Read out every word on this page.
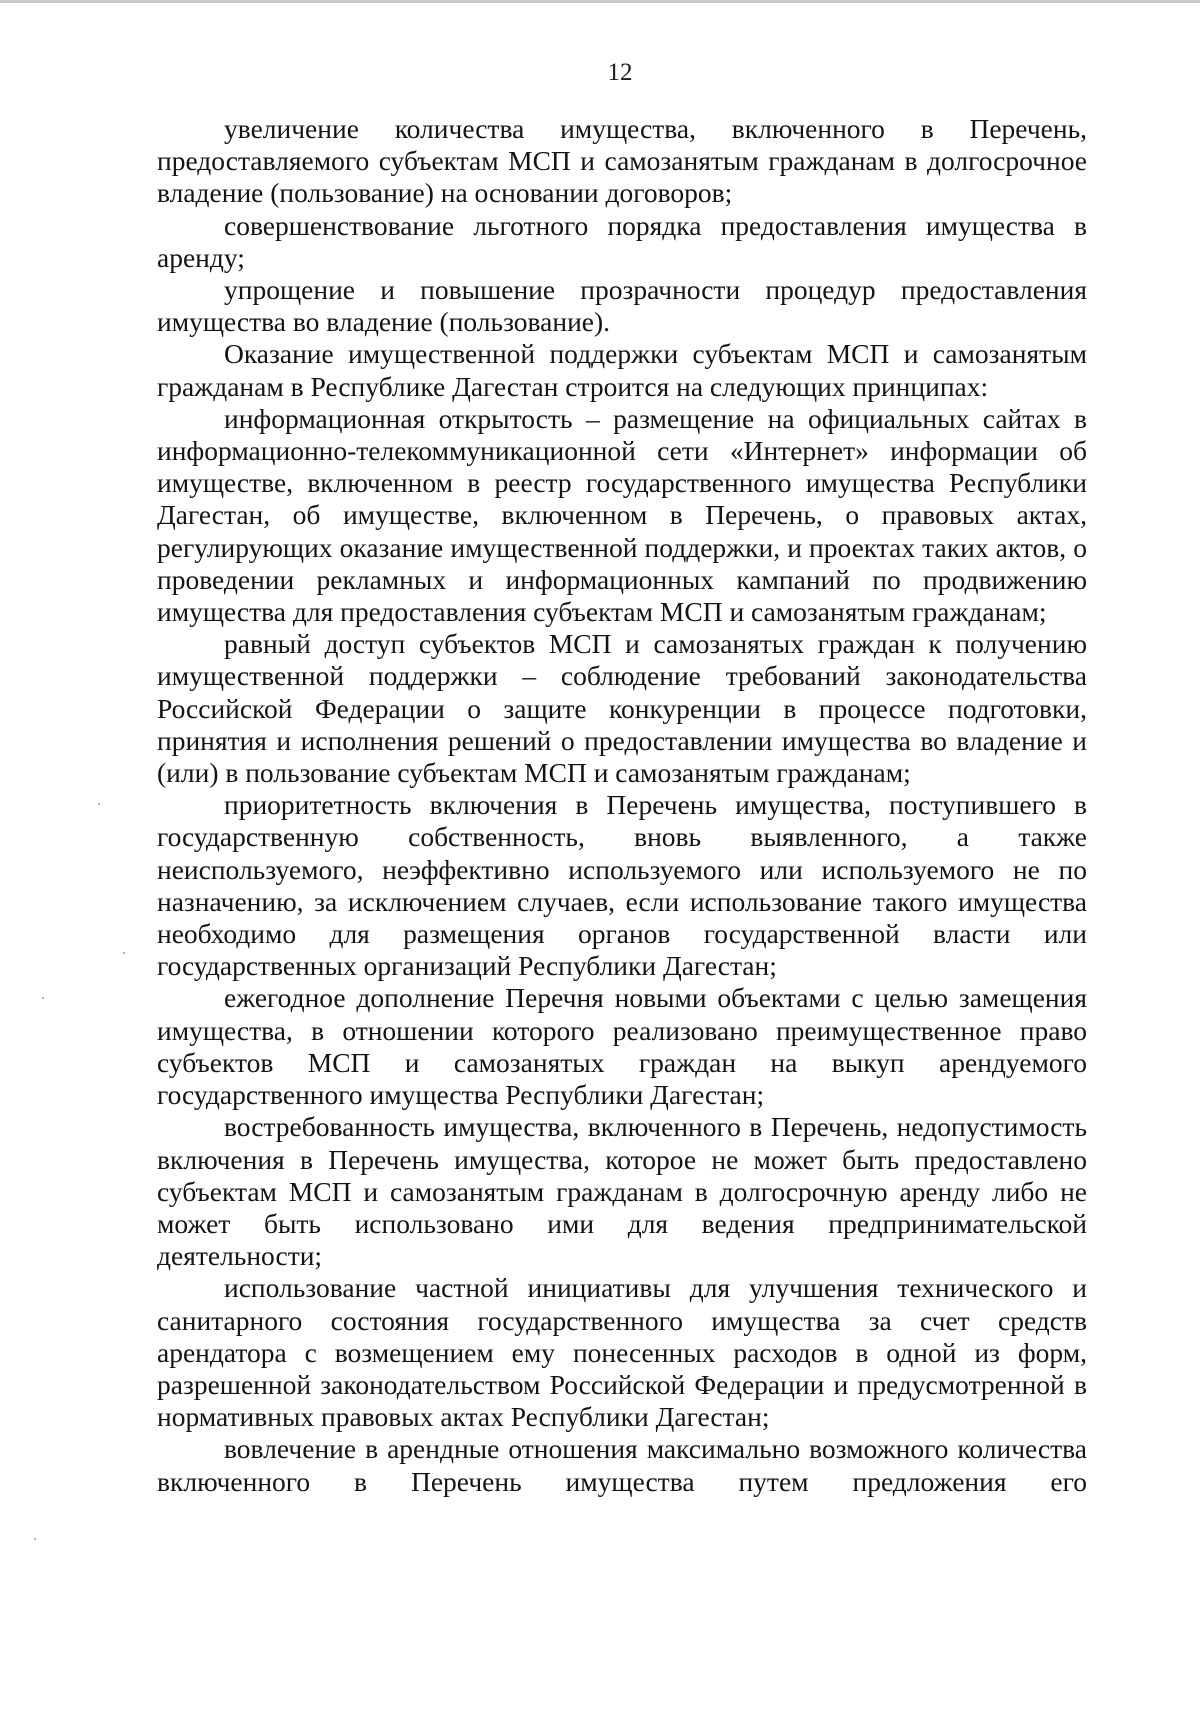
12

увеличение количества имущества, включенного в Перечень, предоставляемого субъектам МСП и самозанятым гражданам в долгосрочное владение (пользование) на основании договоров;

совершенствование льготного порядка предоставления имущества в аренду;

упрощение и повышение прозрачности процедур предоставления имущества во владение (пользование).

Оказание имущественной поддержки субъектам МСП и самозанятым гражданам в Республике Дагестан строится на следующих принципах:

информационная открытость – размещение на официальных сайтах в информационно-телекоммуникационной сети «Интернет» информации об имуществе, включенном в реестр государственного имущества Республики Дагестан, об имуществе, включенном в Перечень, о правовых актах, регулирующих оказание имущественной поддержки, и проектах таких актов, о проведении рекламных и информационных кампаний по продвижению имущества для предоставления субъектам МСП и самозанятым гражданам;

равный доступ субъектов МСП и самозанятых граждан к получению имущественной поддержки – соблюдение требований законодательства Российской Федерации о защите конкуренции в процессе подготовки, принятия и исполнения решений о предоставлении имущества во владение и (или) в пользование субъектам МСП и самозанятым гражданам;

приоритетность включения в Перечень имущества, поступившего в государственную собственность, вновь выявленного, а также неиспользуемого, неэффективно используемого или используемого не по назначению, за исключением случаев, если использование такого имущества необходимо для размещения органов государственной власти или государственных организаций Республики Дагестан;

ежегодное дополнение Перечня новыми объектами с целью замещения имущества, в отношении которого реализовано преимущественное право субъектов МСП и самозанятых граждан на выкуп арендуемого государственного имущества Республики Дагестан;

востребованность имущества, включенного в Перечень, недопустимость включения в Перечень имущества, которое не может быть предоставлено субъектам МСП и самозанятым гражданам в долгосрочную аренду либо не может быть использовано ими для ведения предпринимательской деятельности;

использование частной инициативы для улучшения технического и санитарного состояния государственного имущества за счет средств арендатора с возмещением ему понесенных расходов в одной из форм, разрешенной законодательством Российской Федерации и предусмотренной в нормативных правовых актах Республики Дагестан;

вовлечение в арендные отношения максимально возможного количества включенного в Перечень имущества путем предложения его
